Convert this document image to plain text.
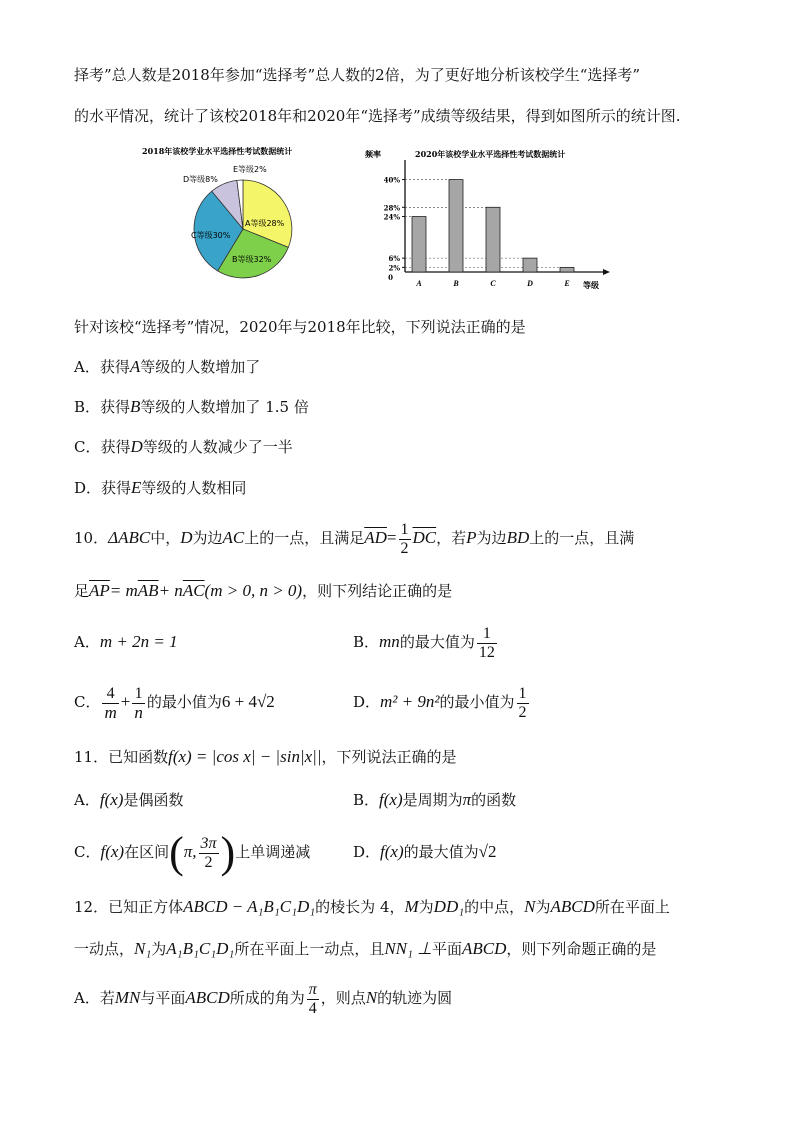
择考”总人数是2018年参加“选择考”总人数的2倍，为了更好地分析该校学生“选择考”
的水平情况，统计了该校2018年和2020年“选择考”成绩等级结果，得到如图所示的统计图.
2018年该校学业水平选择性考试数据统计
A等级28%
B等级32%
C等级30%
D等级8%
E等级2%
频率	2020年该校学业水平选择性考试数据统计
40%
28%
24%
6%
2%
0
A	B	C	D	E 等级
针对该校“选择考”情况，2020年与2018年比较，下列说法正确的是
A．获得A等级的人数增加了
B．获得B等级的人数增加了 1.5 倍
C．获得D等级的人数减少了一半
D．获得E等级的人数相同
10．ΔABC中，D为边AC上的一点，且满足$\overline{AD}= \frac{1}{2} \overline{DC}$，若P为边BD上的一点，且满
足$\overline{AP}= m\overline{AB}+ n\overline{AC}(m > 0$, n > 0)，则下列结论正确的是
A．m + 2n = 1	B．mn的最大值为 $\frac{1}{12}$
C． $\frac{4}{m} + \frac{1}{n}$ 的最小值为6 + 4√2	D．m² + 9n²的最小值为 $\frac{1}{2}$
11．已知函数f(x) = |cos x| − |sin|x||，下列说法正确的是
A．f(x)是偶函数	B．f(x)是周期为π的函数
C．f(x)在区间(π, $\frac{3\pi}{2}$ )上单调递减	D．f(x)的最大值为√2
12．已知正方体ABCD − A₁B₁C₁D₁的棱长为 4，M为DD₁的中点，N为ABCD所在平面上
一动点，N₁为A₁B₁C₁D₁所在平面上一动点，且NN₁ ⊥平面ABCD，则下列命题正确的是
A．若MN与平面ABCD所成的角为 $\frac{\pi}{4}$ ，则点N的轨迹为圆
